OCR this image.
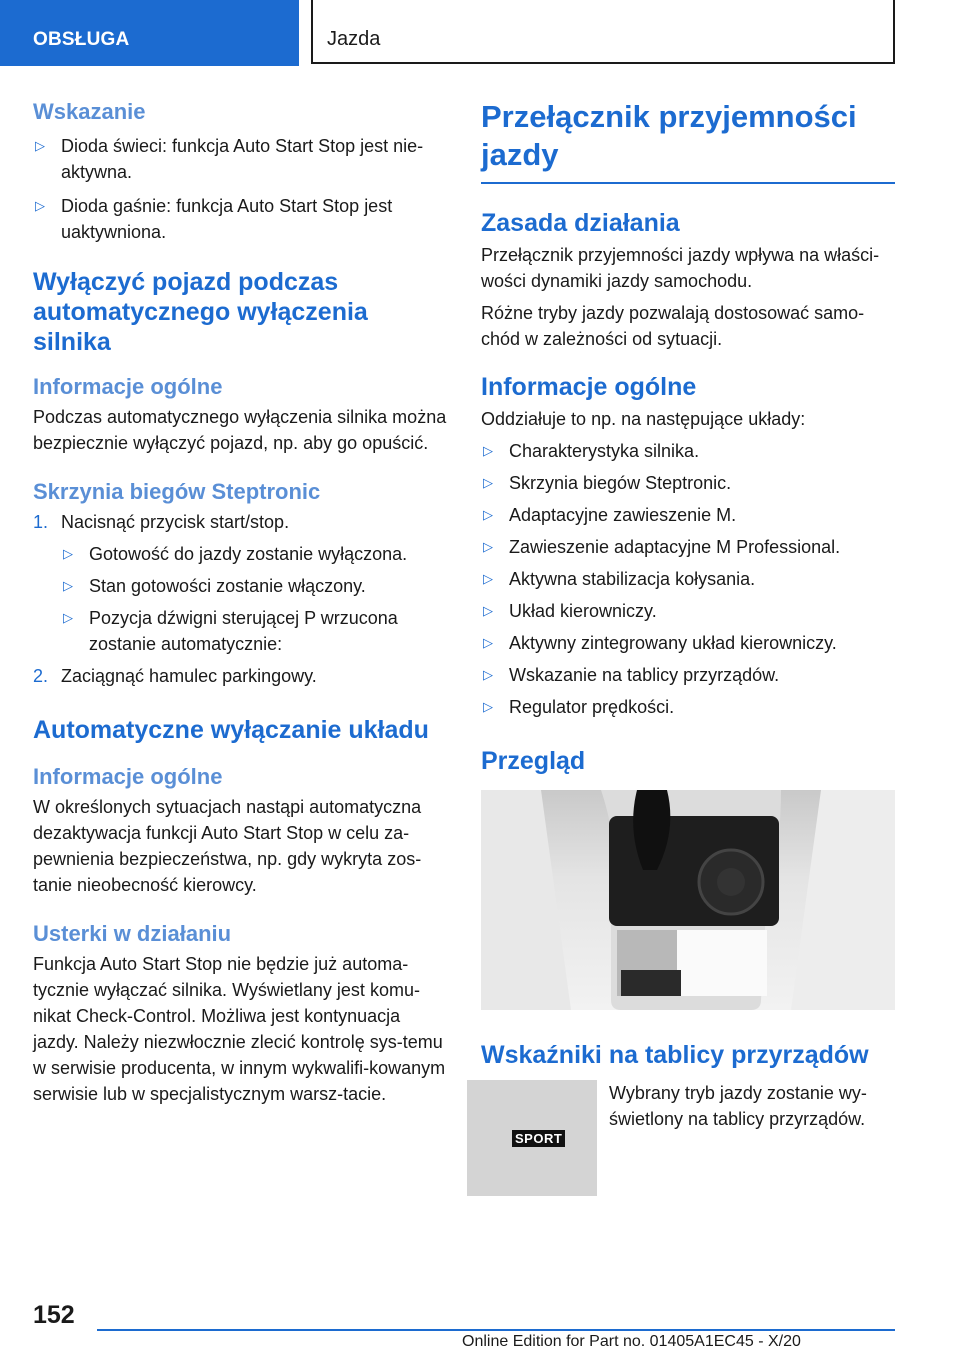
OBSŁUGA	Jazda
Wskazanie
▷ Dioda świeci: funkcja Auto Start Stop jest nie-aktywna.
▷ Dioda gaśnie: funkcja Auto Start Stop jest uaktywniona.
Wyłączyć pojazd podczas automatycznego wyłączenia silnika
Informacje ogólne

Podczas automatycznego wyłączenia silnika można bezpiecznie wyłączyć pojazd, np. aby go opuścić.

Skrzynia biegów Steptronic
1. Nacisnąć przycisk start/stop.
▷ Gotowość do jazdy zostanie wyłączona.
▷ Stan gotowości zostanie włączony.
▷ Pozycja dźwigni sterującej P wrzucona zostanie automatycznie:
2. Zaciągnąć hamulec parkingowy.
Automatyczne wyłączanie układu
Informacje ogólne

W określonych sytuacjach nastąpi automatyczna dezaktywacja funkcji Auto Start Stop w celu za-pewnienia bezpieczeństwa, np. gdy wykryta zos-tanie nieobecność kierowcy.

Usterki w działaniu

Funkcja Auto Start Stop nie będzie już automa-tycznie wyłączać silnika. Wyświetlany jest komu-nikat Check-Control. Możliwa jest kontynuacja jazdy. Należy niezwłocznie zlecić kontrolę sys-temu w serwisie producenta, w innym wykwalifi-kowanym serwisie lub w specjalistycznym warsz-tacie.

Przełącznik przyjemności jazdy
Zasada działania

Przełącznik przyjemności jazdy wpływa na właści-wości dynamiki jazdy samochodu.

Różne tryby jazdy pozwalają dostosować samo-chód w zależności od sytuacji.

Informacje ogólne

Oddziałuje to np. na następujące układy:

▷ Charakterystyka silnika.
▷ Skrzynia biegów Steptronic.
▷ Adaptacyjne zawieszenie M.
▷ Zawieszenie adaptacyjne M Professional.
▷ Aktywna stabilizacja kołysania.
▷ Układ kierowniczy.
▷ Aktywny zintegrowany układ kierowniczy.
▷ Wskazanie na tablicy przyrządów.
▷ Regulator prędkości.
Przegląd
Wskaźniki na tablicy przyrządów
SPORT

Wybrany tryb jazdy zostanie wy-świetlony na tablicy przyrządów.

152
Online Edition for Part no. 01405A1EC45 - X/20
